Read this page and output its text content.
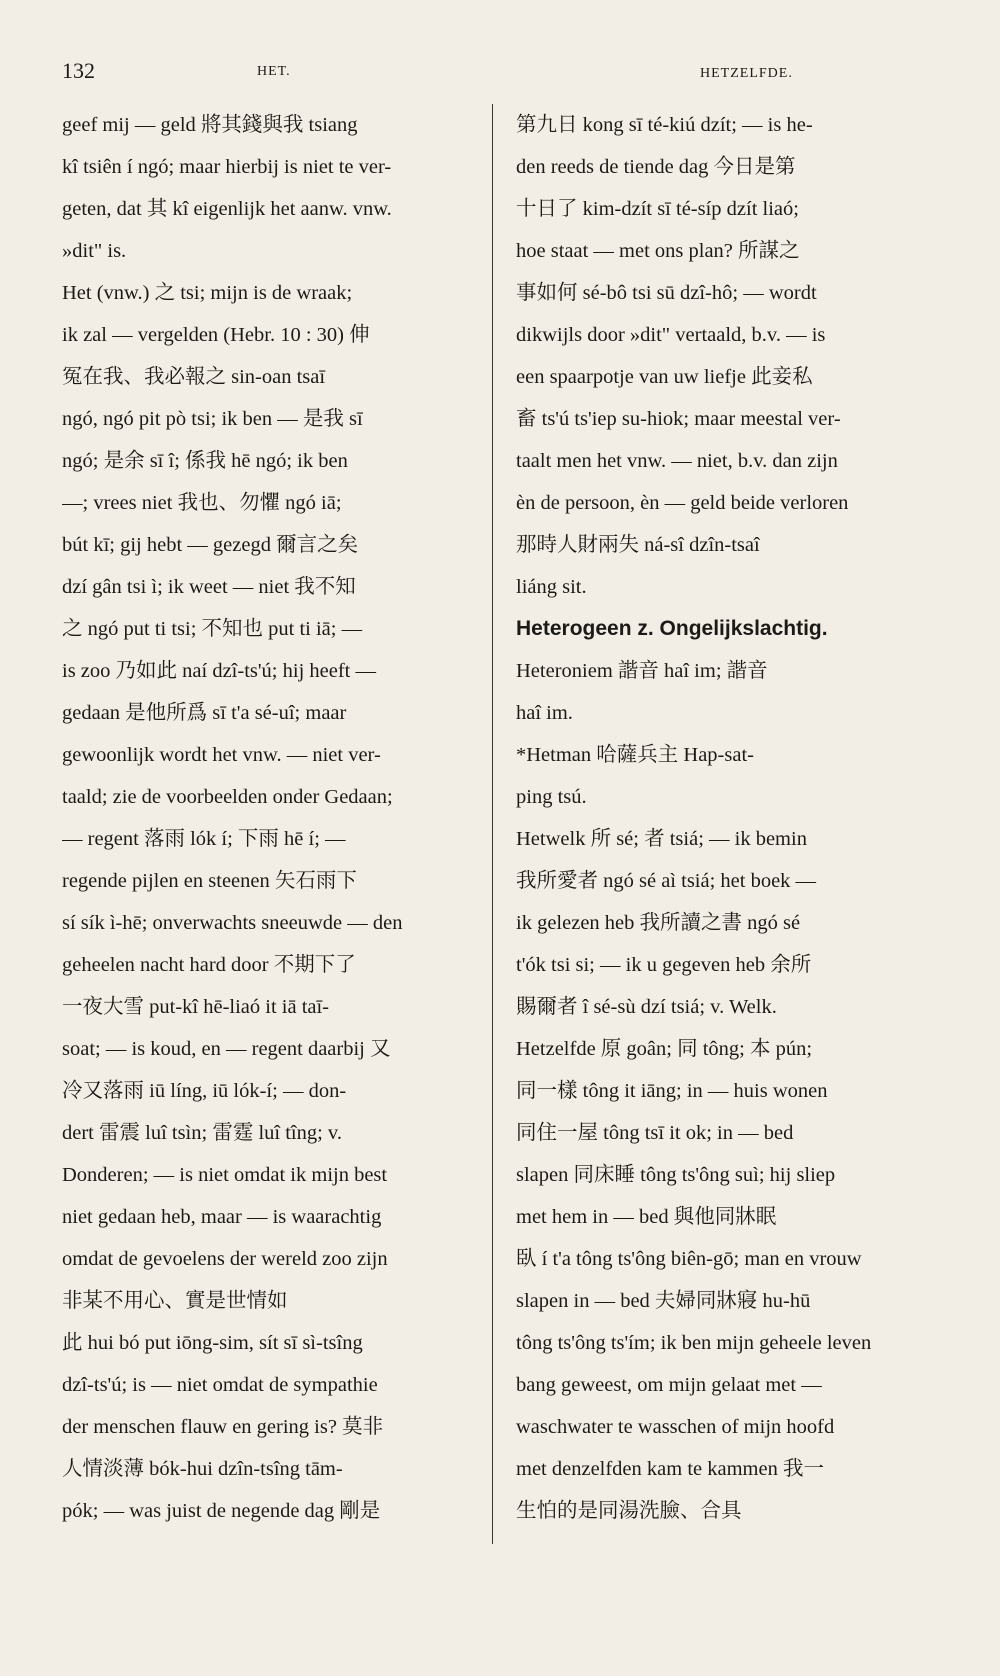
132	HET.	HETZELFDE.
geef mij — geld 將其錢與我 tsiang
kî tsiên í ngó; maar hierbij is niet te ver-
geten, dat 其 kî eigenlijk het aanw. vnw.
»dit" is.
Het (vnw.) 之 tsi; mijn is de wraak;
ik zal — vergelden (Hebr. 10 : 30) 伸
冤在我、我必報之 sin-oan tsaī
ngó, ngó pit pò tsi; ik ben — 是我 sī
ngó; 是余 sī î; 係我 hē ngó; ik ben
—; vrees niet 我也、勿懼 ngó iā;
bút kī; gij hebt — gezegd 爾言之矣
dzí gân tsi ì; ik weet — niet 我不知
之 ngó put ti tsi; 不知也 put ti iā; —
is zoo 乃如此 naí dzî-ts'ú; hij heeft —
gedaan 是他所爲 sī t'a sé-uî; maar
gewoonlijk wordt het vnw. — niet ver-
taald; zie de voorbeelden onder Gedaan;
— regent 落雨 lók í; 下雨 hē í; —
regende pijlen en steenen 矢石雨下
sí sík ì-hē; onverwachts sneeuwde — den
geheelen nacht hard door 不期下了
一夜大雪 put-kî hē-liaó it iā taī-
soat; — is koud, en — regent daarbij 又
冷又落雨 iū líng, iū lók-í; — don-
dert 雷震 luî tsìn; 雷霆 luî tîng; v.
Donderen; — is niet omdat ik mijn best
niet gedaan heb, maar — is waarachtig
omdat de gevoelens der wereld zoo zijn
非某不用心、實是世情如
此 hui bó put iōng-sim, sít sī sì-tsîng
dzî-ts'ú; is — niet omdat de sympathie
der menschen flauw en gering is? 莫非
人情淡薄 bók-hui dzîn-tsîng tām-
pók; — was juist de negende dag 剛是
第九日 kong sī té-kiú dzít; — is he-
den reeds de tiende dag 今日是第
十日了 kim-dzít sī té-síp dzít liaó;
hoe staat — met ons plan? 所謀之
事如何 sé-bô tsi sū dzî-hô; — wordt
dikwijls door »dit" vertaald, b.v. — is
een spaarpotje van uw liefje 此妾私
畜 ts'ú ts'iep su-hiok; maar meestal ver-
taalt men het vnw. — niet, b.v. dan zijn
èn de persoon, èn — geld beide verloren
那時人財兩失 ná-sî dzîn-tsaî
liáng sit.
Heterogeen z. Ongelijkslachtig.
Heteroniem 諧音 haî im; 諧音
haî im.
*Hetman 哈薩兵主 Hap-sat-
ping tsú.
Hetwelk 所 sé; 者 tsiá; — ik bemin
我所愛者 ngó sé aì tsiá; het boek —
ik gelezen heb 我所讀之書 ngó sé
t'ók tsi si; — ik u gegeven heb 余所
賜爾者 î sé-sù dzí tsiá; v. Welk.
Hetzelfde 原 goân; 同 tông; 本 pún;
同一樣 tông it iāng; in — huis wonen
同住一屋 tông tsī it ok; in — bed
slapen 同床睡 tông ts'ông suì; hij sliep
met hem in — bed 與他同牀眠
臥 í t'a tông ts'ông biên-gō; man en vrouw
slapen in — bed 夫婦同牀寢 hu-hū
tông ts'ông ts'ím; ik ben mijn geheele leven
bang geweest, om mijn gelaat met —
waschwater te wasschen of mijn hoofd
met denzelfden kam te kammen 我一
生怕的是同湯洗臉、合具
